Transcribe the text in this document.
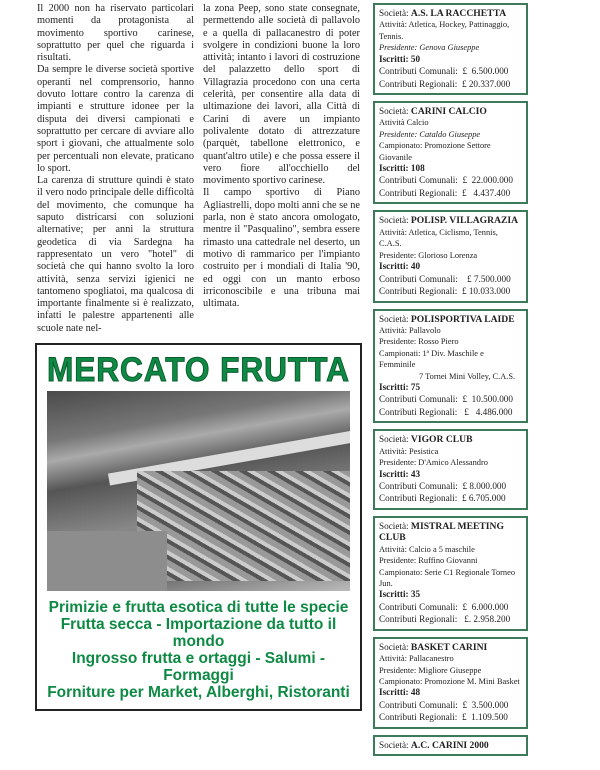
Il 2000 non ha riservato particolari momenti da protagonista al movimento sportivo carinese, soprattutto per quel che riguarda i risultati.

Da sempre le diverse società sportive operanti nel comprensorio, hanno dovuto lottare contro la carenza di impianti e strutture idonee per la disputa dei diversi campionati e soprattutto per cercare di avviare allo sport i giovani, che attualmente solo per percentuali non elevate, praticano lo sport.

La carenza di strutture quindi è stato il vero nodo principale delle difficoltà del movimento, che comunque ha saputo districarsi con soluzioni alternative; per anni la struttura geodetica di via Sardegna ha rappresentato un vero "hotel" di società che qui hanno svolto la loro attività, senza servizi igienici ne tantomeno spogliatoi, ma qualcosa di importante finalmente si è realizzato, infatti le palestre appartenenti alle scuole nate nel-

la zona Peep, sono state consegnate, permettendo alle società di pallavolo e a quella di pallacanestro di poter svolgere in condizioni buone la loro attività; intanto i lavori di costruzione del palazzetto dello sport di Villagrazia procedono con una certa celerità, per consentire alla data di ultimazione dei lavori, alla Città di Carini di avere un impianto polivalente dotato di attrezzature (parquèt, tabellone elettronico, e quant'altro utile) e che possa essere il vero fiore all'occhiello del movimento sportivo carinese.

Il campo sportivo di Piano Agliastrelli, dopo molti anni che se ne parla, non è stato ancora omologato, mentre il "Pasqualino", sembra essere rimasto una cattedrale nel deserto, un motivo di rammarico per l'impianto costruito per i mondiali di Italia '90, ed oggi con un manto erboso irriconoscibile e una tribuna mai ultimata.

MERCATO FRUTTA
Primizie e frutta esotica di tutte le specie
Frutta secca - Importazione da tutto il mondo
Ingrosso frutta e ortaggi - Salumi - Formaggi
Forniture per Market, Alberghi, Ristoranti
Società: A.S. LA RACCHETTA
Attività: Atletica, Hockey, Pattinaggio, Tennis.
Presidente: Genova Giuseppe
Iscritti: 50
Contributi Comunali:  £  6.500.000
Contributi Regionali:  £ 20.337.000
Società: CARINI CALCIO
Attività Calcio
Presidente: Cataldo Giuseppe
Campionato: Promozione Settore Giovanile
Iscritti: 108
Contributi Comunali:  £  22.000.000
Contributi Regionali:  £   4.437.400
Società: POLISP. VILLAGRAZIA
Attività: Atletica, Ciclismo, Tennis, C.A.S.
Presidente: Glorioso Lorenza
Iscritti: 40
Contributi Comunali:    £ 7.500.000
Contributi Regionali:  £ 10.033.000
Società: POLISPORTIVA LAIDE
Attività: Pallavolo
Presidente: Rosso Piero
Campionati: 1ª Div. Maschile e Femminile
7 Tornei Mini Volley, C.A.S.
Iscritti: 75
Contributi Comunali:  £  10.500.000
Contributi Regionali:   £   4.486.000
Società: VIGOR CLUB
Attività: Pesistica
Presidente: D'Amico Alessandro
Iscritti: 43
Contributi Comunali:  £ 8.000.000
Contributi Regionali:  £ 6.705.000
Società: MISTRAL MEETING CLUB
Attività: Calcio a 5 maschile
Presidente: Ruffino Giovanni
Campionato: Serie C1 Regionale Torneo Jun.
Iscritti: 35
Contributi Comunali:  £  6.000.000
Contributi Regionali:   £. 2.958.200
Società: BASKET CARINI
Attività: Pallacanestro
Presidente: Migliore Giuseppe
Campionato: Promozione M. Mini Basket
Iscritti: 48
Contributi Comunali:  £  3.500.000
Contributi Regionali:  £  1.109.500
Società: A.C. CARINI 2000
